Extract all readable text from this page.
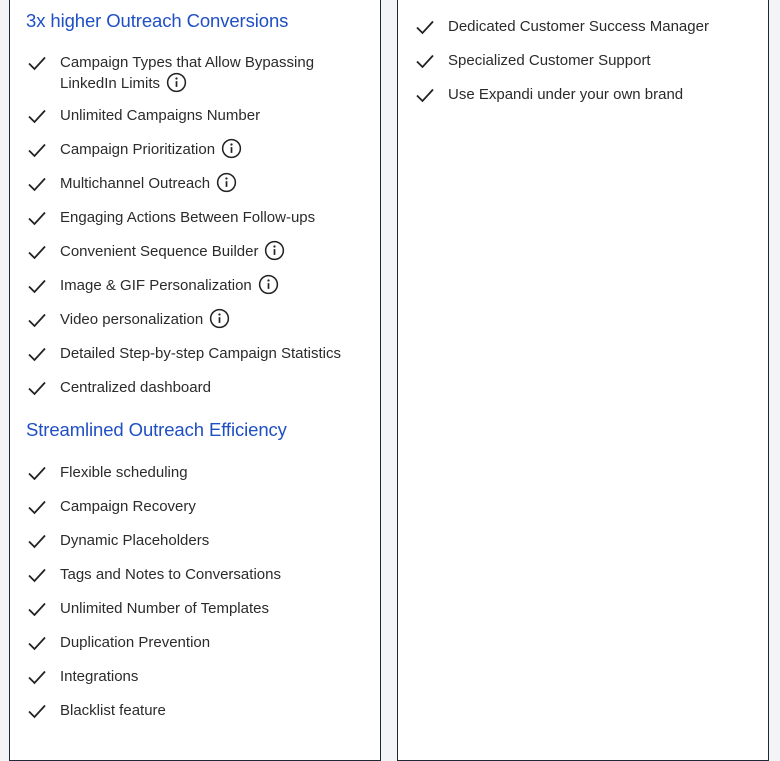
3x higher Outreach Conversions
Campaign Types that Allow Bypassing LinkedIn Limits
Unlimited Campaigns Number
Campaign Prioritization
Multichannel Outreach
Engaging Actions Between Follow-ups
Convenient Sequence Builder
Image & GIF Personalization
Video personalization
Detailed Step-by-step Campaign Statistics
Centralized dashboard
Streamlined Outreach Efficiency
Flexible scheduling
Campaign Recovery
Dynamic Placeholders
Tags and Notes to Conversations
Unlimited Number of Templates
Duplication Prevention
Integrations
Blacklist feature
Dedicated Customer Success Manager
Specialized Customer Support
Use Expandi under your own brand
